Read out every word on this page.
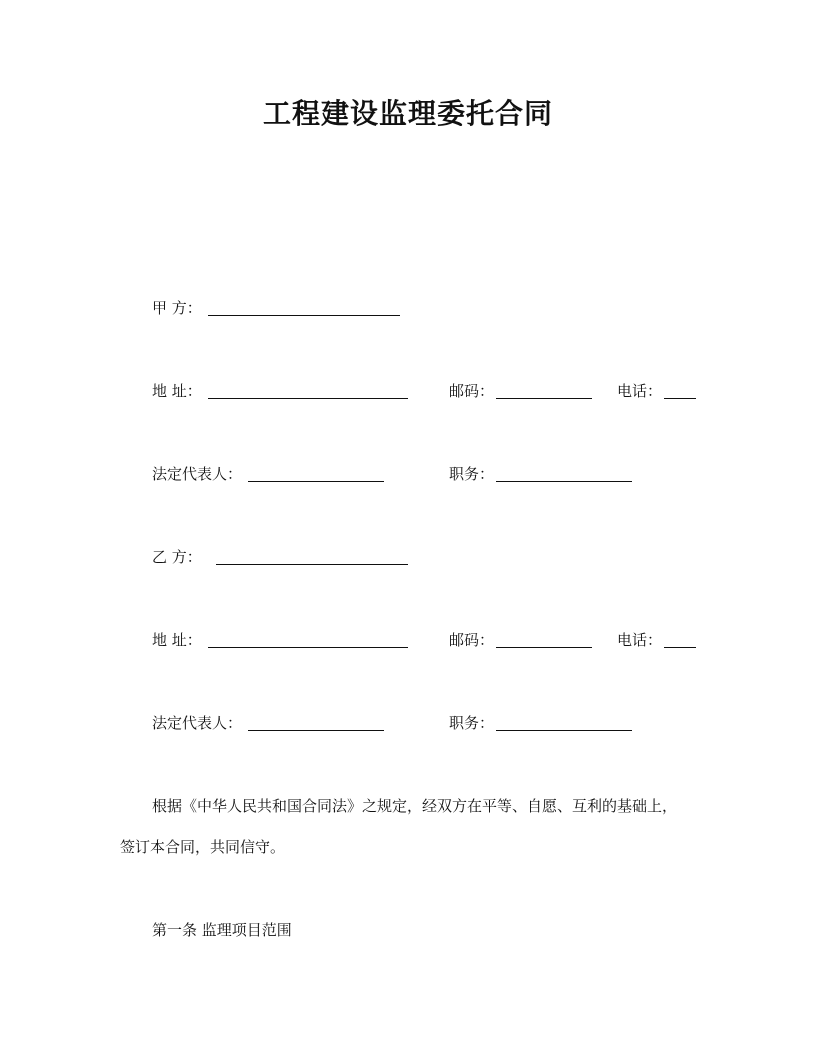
工程建设监理委托合同
甲 方：
地 址：	邮码：	电话：
法定代表人：	职务：
乙 方：
地 址：	邮码：	电话：
法定代表人：	职务：
根据《中华人民共和国合同法》之规定，经双方在平等、自愿、互利的基础上，
签订本合同，共同信守。
第一条 监理项目范围
